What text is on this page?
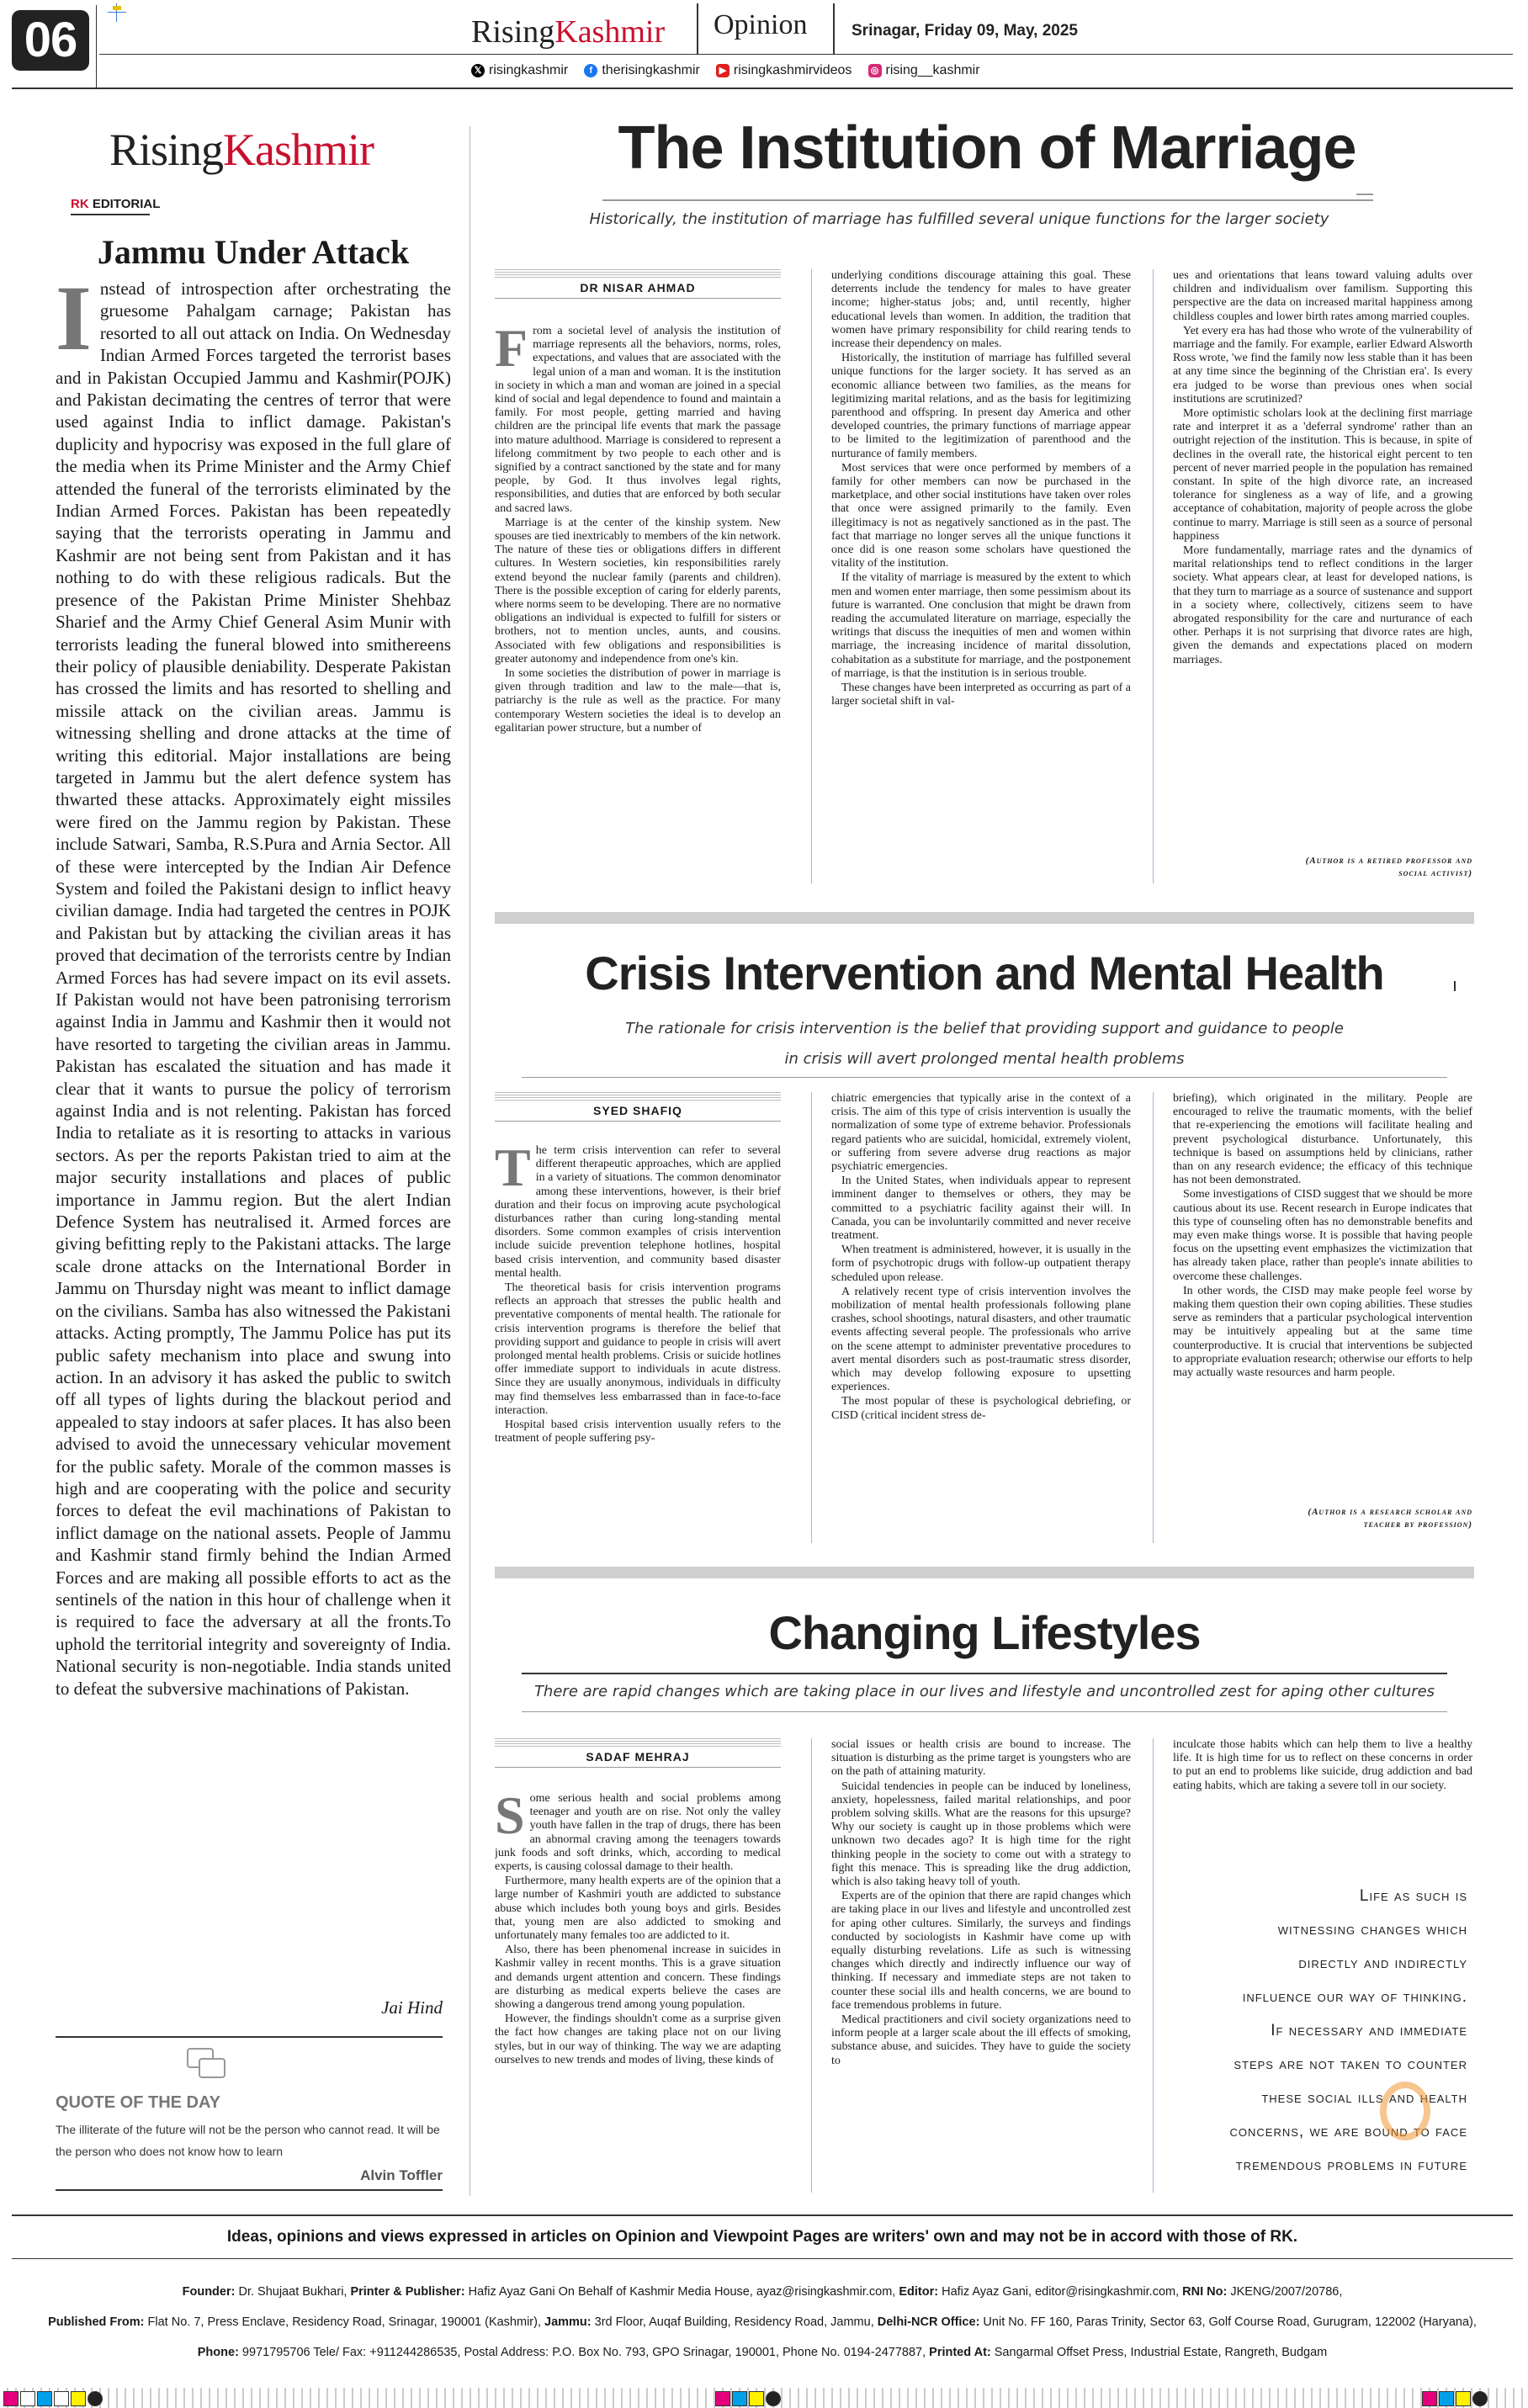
06	RisingKashmir Opinion	Srinagar, Friday 09, May, 2025
𝕏 risingkashmir
	f therisingkashmir
	▶ risingkashmirvideos
◎ rising__kashmir
RisingKashmir
RK EDITORIAL
Jammu Under Attack
Instead of introspection after orchestrating the gruesome Pahalgam carnage; Pakistan has resorted to all out attack on India. On Wednesday Indian Armed Forces targeted the terrorist bases and in Pakistan Occupied Jammu and Kashmir(POJK) and Pakistan decimating the centres of terror that were used against India to inflict damage. Pakistan's duplicity and hypocrisy was exposed in the full glare of the media when its Prime Minister and the Army Chief attended the funeral of the terrorists eliminated by the Indian Armed Forces. Pakistan has been repeatedly saying that the terrorists operating in Jammu and Kashmir are not being sent from Pakistan and it has nothing to do with these religious radicals. But the presence of the Pakistan Prime Minister Shehbaz Sharief and the Army Chief General Asim Munir with terrorists leading the funeral blowed into smithereens their policy of plausible deniability. Desperate Pakistan has crossed the limits and has resorted to shelling and missile attack on the civilian areas. Jammu is witnessing shelling and drone attacks at the time of writing this editorial. Major installations are being targeted in Jammu but the alert defence system has thwarted these attacks. Approximately eight missiles were fired on the Jammu region by Pakistan. These include Satwari, Samba, R.S.Pura and Arnia Sector. All of these were intercepted by the Indian Air Defence System and foiled the Pakistani design to inflict heavy civilian damage. India had targeted the centres in POJK and Pakistan but by attacking the civilian areas it has proved that decimation of the terrorists centre by Indian Armed Forces has had severe impact on its evil assets. If Pakistan would not have been patronising terrorism against India in Jammu and Kashmir then it would not have resorted to targeting the civilian areas in Jammu. Pakistan has escalated the situation and has made it clear that it wants to pursue the policy of terrorism against India and is not relenting. Pakistan has forced India to retaliate as it is resorting to attacks in various sectors. As per the reports Pakistan tried to aim at the major security installations and places of public importance in Jammu region. But the alert Indian Defence System has neutralised it. Armed forces are giving befitting reply to the Pakistani attacks. The large scale drone attacks on the International Border in Jammu on Thursday night was meant to inflict damage on the civilians. Samba has also witnessed the Pakistani attacks. Acting promptly, The Jammu Police has put its public safety mechanism into place and swung into action. In an advisory it has asked the public to switch off all types of lights during the blackout period and appealed to stay indoors at safer places. It has also been advised to avoid the unnecessary vehicular movement for the public safety. Morale of the common masses is high and are cooperating with the police and security forces to defeat the evil machinations of Pakistan to inflict damage on the national assets. People of Jammu and Kashmir stand firmly behind the Indian Armed Forces and are making all possible efforts to act as the sentinels of the nation in this hour of challenge when it is required to face the adversary at all the fronts.To uphold the territorial integrity and sovereignty of India. National security is non-negotiable. India stands united to defeat the subversive machinations of Pakistan.
Jai Hind
QUOTE OF THE DAY
The illiterate of the future will not be the person who cannot read. It will be the person who does not know how to learn
Alvin Toffler
The Institution of Marriage
Historically, the institution of marriage has fulfilled several unique functions for the larger society
DR NISAR AHMAD
F rom a societal level of analysis the institution of marriage represents all the behaviors, norms, roles, expectations, and values that are associated with the legal union of a man and woman. It is the institution in society in which a man and woman are joined in a special kind of social and legal dependence to found and maintain a family. For most people, getting married and having children are the principal life events that mark the passage into mature adulthood. Marriage is considered to represent a lifelong commitment by two people to each other and is signified by a contract sanctioned by the state and for many people, by God. It thus involves legal rights, responsibilities, and duties that are enforced by both secular and sacred laws.

Marriage is at the center of the kinship system. New spouses are tied inextricably to members of the kin network. The nature of these ties or obligations differs in different cultures. In Western societies, kin responsibilities rarely extend beyond the nuclear family (parents and children). There is the possible exception of caring for elderly parents, where norms seem to be developing. There are no normative obligations an individual is expected to fulfill for sisters or brothers, not to mention uncles, aunts, and cousins. Associated with few obligations and responsibilities is greater autonomy and independence from one's kin.

In some societies the distribution of power in marriage is given through tradition and law to the male—that is, patriarchy is the rule as well as the practice. For many contemporary Western societies the ideal is to develop an egalitarian power structure, but a number of

underlying conditions discourage attaining this goal. These deterrents include the tendency for males to have greater income; higher-status jobs; and, until recently, higher educational levels than women. In addition, the tradition that women have primary responsibility for child rearing tends to increase their dependency on males.

Historically, the institution of marriage has fulfilled several unique functions for the larger society. It has served as an economic alliance between two families, as the means for legitimizing marital relations, and as the basis for legitimizing parenthood and offspring. In present day America and other developed countries, the primary functions of marriage appear to be limited to the legitimization of parenthood and the nurturance of family members.

Most services that were once performed by members of a family for other members can now be purchased in the marketplace, and other social institutions have taken over roles that once were assigned primarily to the family. Even illegitimacy is not as negatively sanctioned as in the past. The fact that marriage no longer serves all the unique functions it once did is one reason some scholars have questioned the vitality of the institution.

If the vitality of marriage is measured by the extent to which men and women enter marriage, then some pessimism about its future is warranted. One conclusion that might be drawn from reading the accumulated literature on marriage, especially the writings that discuss the inequities of men and women within marriage, the increasing incidence of marital dissolution, cohabitation as a substitute for marriage, and the postponement of marriage, is that the institution is in serious trouble.

These changes have been interpreted as occurring as part of a larger societal shift in val-

ues and orientations that leans toward valuing adults over children and individualism over familism. Supporting this perspective are the data on increased marital happiness among childless couples and lower birth rates among married couples.

Yet every era has had those who wrote of the vulnerability of marriage and the family. For example, earlier Edward Alsworth Ross wrote, 'we find the family now less stable than it has been at any time since the beginning of the Christian era'. Is every era judged to be worse than previous ones when social institutions are scrutinized?

More optimistic scholars look at the declining first marriage rate and interpret it as a 'deferral syndrome' rather than an outright rejection of the institution. This is because, in spite of declines in the overall rate, the historical eight percent to ten percent of never married people in the population has remained constant. In spite of the high divorce rate, an increased tolerance for singleness as a way of life, and a growing acceptance of cohabitation, majority of people across the globe continue to marry. Marriage is still seen as a source of personal happiness

More fundamentally, marriage rates and the dynamics of marital relationships tend to reflect conditions in the larger society. What appears clear, at least for developed nations, is that they turn to marriage as a source of sustenance and support in a society where, collectively, citizens seem to have abrogated responsibility for the care and nurturance of each other. Perhaps it is not surprising that divorce rates are high, given the demands and expectations placed on modern marriages.

(Author is a retired professor and social activist)
Crisis Intervention and Mental Health
The rationale for crisis intervention is the belief that providing support and guidance to people
in crisis will avert prolonged mental health problems
SYED SHAFIQ
T he term crisis intervention can refer to several different therapeutic approaches, which are applied in a variety of situations. The common denominator among these interventions, however, is their brief duration and their focus on improving acute psychological disturbances rather than curing long-standing mental disorders. Some common examples of crisis intervention include suicide prevention telephone hotlines, hospital based crisis intervention, and community based disaster mental health.

The theoretical basis for crisis intervention programs reflects an approach that stresses the public health and preventative components of mental health. The rationale for crisis intervention programs is therefore the belief that providing support and guidance to people in crisis will avert prolonged mental health problems. Crisis or suicide hotlines offer immediate support to individuals in acute distress. Since they are usually anonymous, individuals in difficulty may find themselves less embarrassed than in face-to-face interaction.

Hospital based crisis intervention usually refers to the treatment of people suffering psy-

chiatric emergencies that typically arise in the context of a crisis. The aim of this type of crisis intervention is usually the normalization of some type of extreme behavior. Professionals regard patients who are suicidal, homicidal, extremely violent, or suffering from severe adverse drug reactions as major psychiatric emergencies.

In the United States, when individuals appear to represent imminent danger to themselves or others, they may be committed to a psychiatric facility against their will. In Canada, you can be involuntarily committed and never receive treatment.

When treatment is administered, however, it is usually in the form of psychotropic drugs with follow-up outpatient therapy scheduled upon release.

A relatively recent type of crisis intervention involves the mobilization of mental health professionals following plane crashes, school shootings, natural disasters, and other traumatic events affecting several people. The professionals who arrive on the scene attempt to administer preventative procedures to avert mental disorders such as post-traumatic stress disorder, which may develop following exposure to upsetting experiences.

The most popular of these is psychological debriefing, or CISD (critical incident stress de-

briefing), which originated in the military. People are encouraged to relive the traumatic moments, with the belief that re-experiencing the emotions will facilitate healing and prevent psychological disturbance. Unfortunately, this technique is based on assumptions held by clinicians, rather than on any research evidence; the efficacy of this technique has not been demonstrated.

Some investigations of CISD suggest that we should be more cautious about its use. Recent research in Europe indicates that this type of counseling often has no demonstrable benefits and may even make things worse. It is possible that having people focus on the upsetting event emphasizes the victimization that has already taken place, rather than people's innate abilities to overcome these challenges.

In other words, the CISD may make people feel worse by making them question their own coping abilities. These studies serve as reminders that a particular psychological intervention may be intuitively appealing but at the same time counterproductive. It is crucial that interventions be subjected to appropriate evaluation research; otherwise our efforts to help may actually waste resources and harm people.

(Author is a research scholar and teacher by profession)
Changing Lifestyles
There are rapid changes which are taking place in our lives and lifestyle and uncontrolled zest for aping other cultures
SADAF MEHRAJ
S ome serious health and social problems among teenager and youth are on rise. Not only the valley youth have fallen in the trap of drugs, there has been an abnormal craving among the teenagers towards junk foods and soft drinks, which, according to medical experts, is causing colossal damage to their health.

Furthermore, many health experts are of the opinion that a large number of Kashmiri youth are addicted to substance abuse which includes both young boys and girls. Besides that, young men are also addicted to smoking and unfortunately many females too are addicted to it.

Also, there has been phenomenal increase in suicides in Kashmir valley in recent months. This is a grave situation and demands urgent attention and concern. These findings are disturbing as medical experts believe the cases are showing a dangerous trend among young population.

However, the findings shouldn't come as a surprise given the fact how changes are taking place not on our living styles, but in our way of thinking. The way we are adapting ourselves to new trends and modes of living, these kinds of

social issues or health crisis are bound to increase. The situation is disturbing as the prime target is youngsters who are on the path of attaining maturity.

Suicidal tendencies in people can be induced by loneliness, anxiety, hopelessness, failed marital relationships, and poor problem solving skills. What are the reasons for this upsurge? Why our society is caught up in those problems which were unknown two decades ago? It is high time for the right thinking people in the society to come out with a strategy to fight this menace. This is spreading like the drug addiction, which is also taking heavy toll of youth.

Experts are of the opinion that there are rapid changes which are taking place in our lives and lifestyle and uncontrolled zest for aping other cultures. Similarly, the surveys and findings conducted by sociologists in Kashmir have come up with equally disturbing revelations. Life as such is witnessing changes which directly and indirectly influence our way of thinking. If necessary and immediate steps are not taken to counter these social ills and health concerns, we are bound to face tremendous problems in future.

Medical practitioners and civil society organizations need to inform people at a larger scale about the ill effects of smoking, substance abuse, and suicides. They have to guide the society to

inculcate those habits which can help them to live a healthy life. It is high time for us to reflect on these concerns in order to put an end to problems like suicide, drug addiction and bad eating habits, which are taking a severe toll in our society.

Life as such is
witnessing changes which
directly and indirectly
influence our way of thinking.
If necessary and immediate
steps are not taken to counter
these social ills and health
concerns, we are bound to face
tremendous problems in future
Ideas, opinions and views expressed in articles on Opinion and Viewpoint Pages are writers' own and may not be in accord with those of RK.
Founder: Dr. Shujaat Bukhari, Printer & Publisher: Hafiz Ayaz Gani On Behalf of Kashmir Media House, ayaz@risingkashmir.com, Editor: Hafiz Ayaz Gani, editor@risingkashmir.com, RNI No: JKENG/2007/20786,
Published From: Flat No. 7, Press Enclave, Residency Road, Srinagar, 190001 (Kashmir), Jammu: 3rd Floor, Auqaf Building, Residency Road, Jammu, Delhi-NCR Office: Unit No. FF 160, Paras Trinity, Sector 63, Golf Course Road, Gurugram, 122002 (Haryana),
Phone: 9971795706 Tele/ Fax: +911244286535, Postal Address: P.O. Box No. 793, GPO Srinagar, 190001, Phone No. 0194-2477887, Printed At: Sangarmal Offset Press, Industrial Estate, Rangreth, Budgam
